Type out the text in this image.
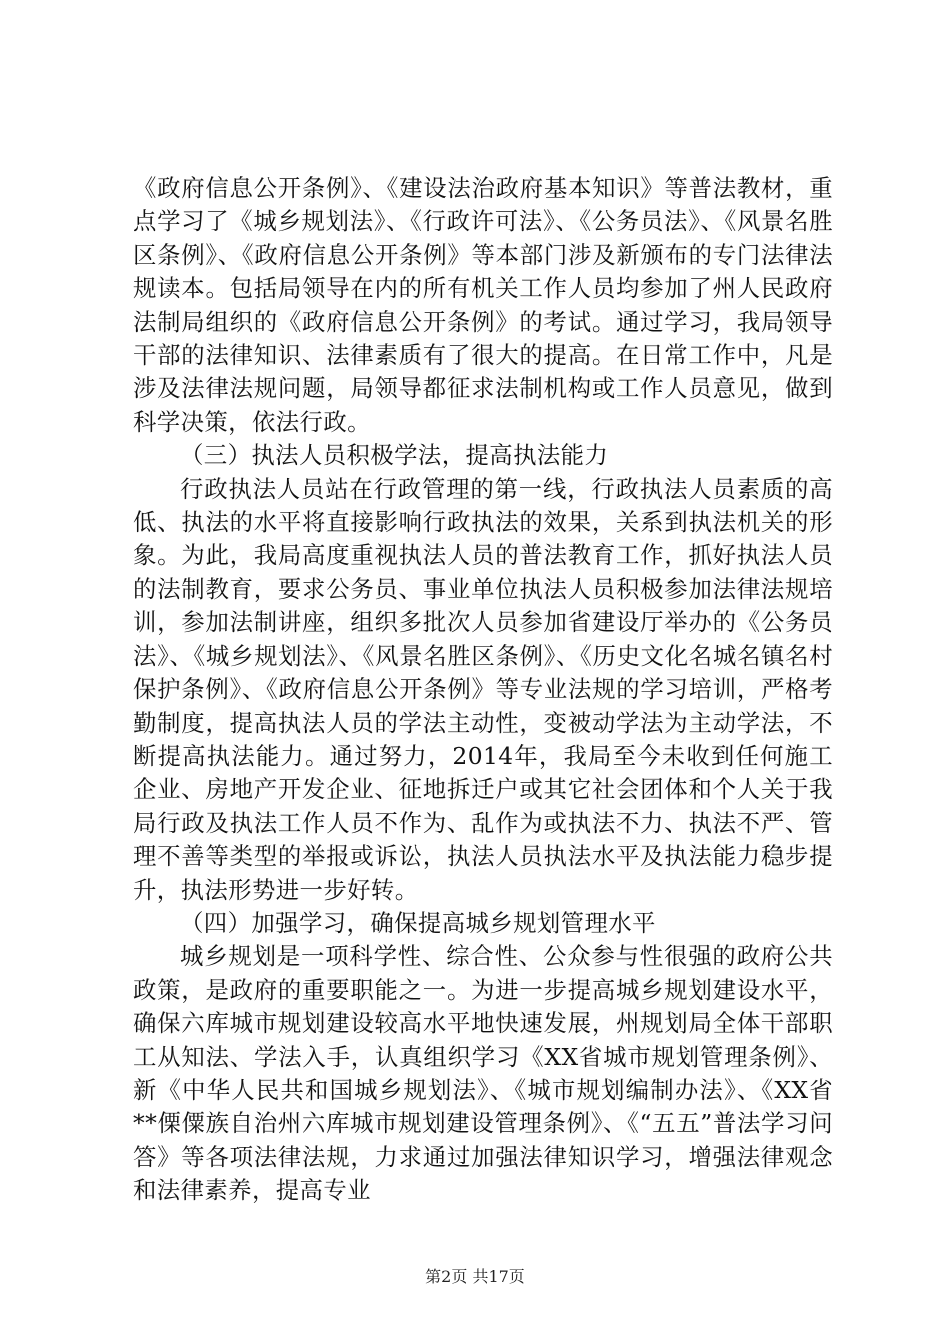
《政府信息公开条例》、《建设法治政府基本知识》等普法教材，重点学习了《城乡规划法》、《行政许可法》、《公务员法》、《风景名胜区条例》、《政府信息公开条例》等本部门涉及新颁布的专门法律法规读本。包括局领导在内的所有机关工作人员均参加了州人民政府法制局组织的《政府信息公开条例》的考试。通过学习，我局领导干部的法律知识、法律素质有了很大的提高。在日常工作中，凡是涉及法律法规问题，局领导都征求法制机构或工作人员意见，做到科学决策，依法行政。

（三）执法人员积极学法，提高执法能力

行政执法人员站在行政管理的第一线，行政执法人员素质的高低、执法的水平将直接影响行政执法的效果，关系到执法机关的形象。为此，我局高度重视执法人员的普法教育工作，抓好执法人员的法制教育，要求公务员、事业单位执法人员积极参加法律法规培训，参加法制讲座，组织多批次人员参加省建设厅举办的《公务员法》、《城乡规划法》、《风景名胜区条例》、《历史文化名城名镇名村保护条例》、《政府信息公开条例》等专业法规的学习培训，严格考勤制度，提高执法人员的学法主动性，变被动学法为主动学法，不断提高执法能力。通过努力，2014年，我局至今未收到任何施工企业、房地产开发企业、征地拆迁户或其它社会团体和个人关于我局行政及执法工作人员不作为、乱作为或执法不力、执法不严、管理不善等类型的举报或诉讼，执法人员执法水平及执法能力稳步提升，执法形势进一步好转。

（四）加强学习，确保提高城乡规划管理水平

城乡规划是一项科学性、综合性、公众参与性很强的政府公共政策，是政府的重要职能之一。为进一步提高城乡规划建设水平，确保六库城市规划建设较高水平地快速发展，州规划局全体干部职工从知法、学法入手，认真组织学习《XX省城市规划管理条例》、新《中华人民共和国城乡规划法》、《城市规划编制办法》、《XX省**傈僳族自治州六库城市规划建设管理条例》、《“五五”普法学习问答》等各项法律法规，力求通过加强法律知识学习，增强法律观念和法律素养，提高专业

第2页 共17页
